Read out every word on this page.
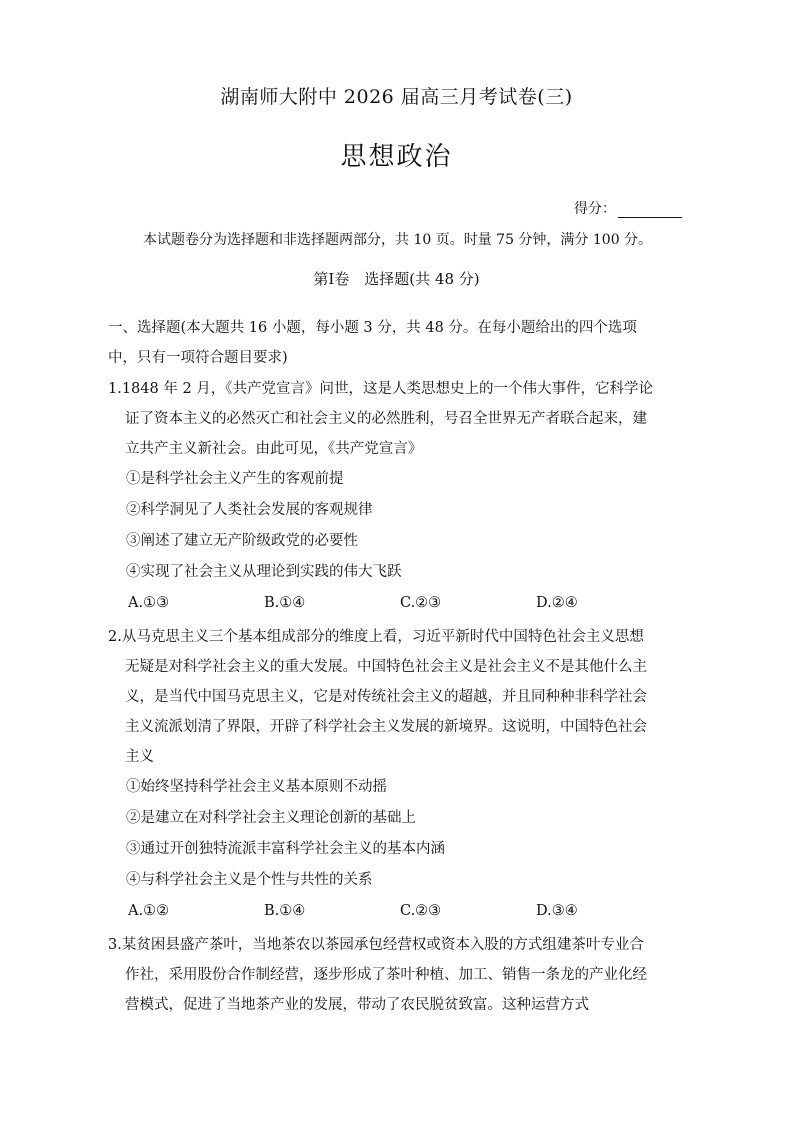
湖南师大附中 2026 届高三月考试卷(三)
思想政治
得分：
本试题卷分为选择题和非选择题两部分，共 10 页。时量 75 分钟，满分 100 分。
第Ⅰ卷　选择题(共 48 分)
一、选择题(本大题共 16 小题，每小题 3 分，共 48 分。在每小题给出的四个选项
中，只有一项符合题目要求)
1.1848 年 2 月，《共产党宣言》问世，这是人类思想史上的一个伟大事件，它科学论
证了资本主义的必然灭亡和社会主义的必然胜利，号召全世界无产者联合起来，建
立共产主义新社会。由此可见，《共产党宣言》
①是科学社会主义产生的客观前提
②科学洞见了人类社会发展的客观规律
③阐述了建立无产阶级政党的必要性
④实现了社会主义从理论到实践的伟大飞跃
A.①③	B.①④	C.②③	D.②④
2.从马克思主义三个基本组成部分的维度上看，习近平新时代中国特色社会主义思想
无疑是对科学社会主义的重大发展。中国特色社会主义是社会主义不是其他什么主
义，是当代中国马克思主义，它是对传统社会主义的超越，并且同种种非科学社会
主义流派划清了界限，开辟了科学社会主义发展的新境界。这说明，中国特色社会
主义
①始终坚持科学社会主义基本原则不动摇
②是建立在对科学社会主义理论创新的基础上
③通过开创独特流派丰富科学社会主义的基本内涵
④与科学社会主义是个性与共性的关系
A.①②	B.①④	C.②③	D.③④
3.某贫困县盛产茶叶，当地茶农以茶园承包经营权或资本入股的方式组建茶叶专业合
作社，采用股份合作制经营，逐步形成了茶叶种植、加工、销售一条龙的产业化经
营模式，促进了当地茶产业的发展，带动了农民脱贫致富。这种运营方式
